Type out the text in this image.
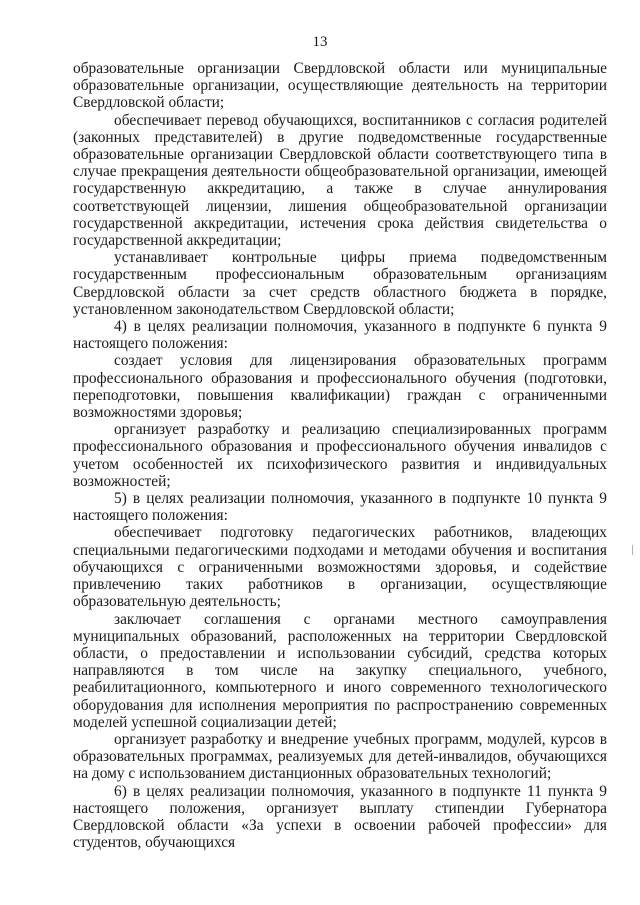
13

образовательные организации Свердловской области или муниципальные образовательные организации, осуществляющие деятельность на территории Свердловской области;

обеспечивает перевод обучающихся, воспитанников с согласия родителей (законных представителей) в другие подведомственные государственные образовательные организации Свердловской области соответствующего типа в случае прекращения деятельности общеобразовательной организации, имеющей государственную аккредитацию, а также в случае аннулирования соответствующей лицензии, лишения общеобразовательной организации государственной аккредитации, истечения срока действия свидетельства о государственной аккредитации;

устанавливает контрольные цифры приема подведомственным государственным профессиональным образовательным организациям Свердловской области за счет средств областного бюджета в порядке, установленном законодательством Свердловской области;

4) в целях реализации полномочия, указанного в подпункте 6 пункта 9 настоящего положения:

создает условия для лицензирования образовательных программ профессионального образования и профессионального обучения (подготовки, переподготовки, повышения квалификации) граждан с ограниченными возможностями здоровья;

организует разработку и реализацию специализированных программ профессионального образования и профессионального обучения инвалидов с учетом особенностей их психофизического развития и индивидуальных возможностей;

5) в целях реализации полномочия, указанного в подпункте 10 пункта 9 настоящего положения:

обеспечивает подготовку педагогических работников, владеющих специальными педагогическими подходами и методами обучения и воспитания обучающихся с ограниченными возможностями здоровья, и содействие привлечению таких работников в организации, осуществляющие образовательную деятельность;

заключает соглашения с органами местного самоуправления муниципальных образований, расположенных на территории Свердловской области, о предоставлении и использовании субсидий, средства которых направляются в том числе на закупку специального, учебного, реабилитационного, компьютерного и иного современного технологического оборудования для исполнения мероприятия по распространению современных моделей успешной социализации детей;

организует разработку и внедрение учебных программ, модулей, курсов в образовательных программах, реализуемых для детей-инвалидов, обучающихся на дому с использованием дистанционных образовательных технологий;

6) в целях реализации полномочия, указанного в подпункте 11 пункта 9 настоящего положения, организует выплату стипендии Губернатора Свердловской области «За успехи в освоении рабочей профессии» для студентов, обучающихся
